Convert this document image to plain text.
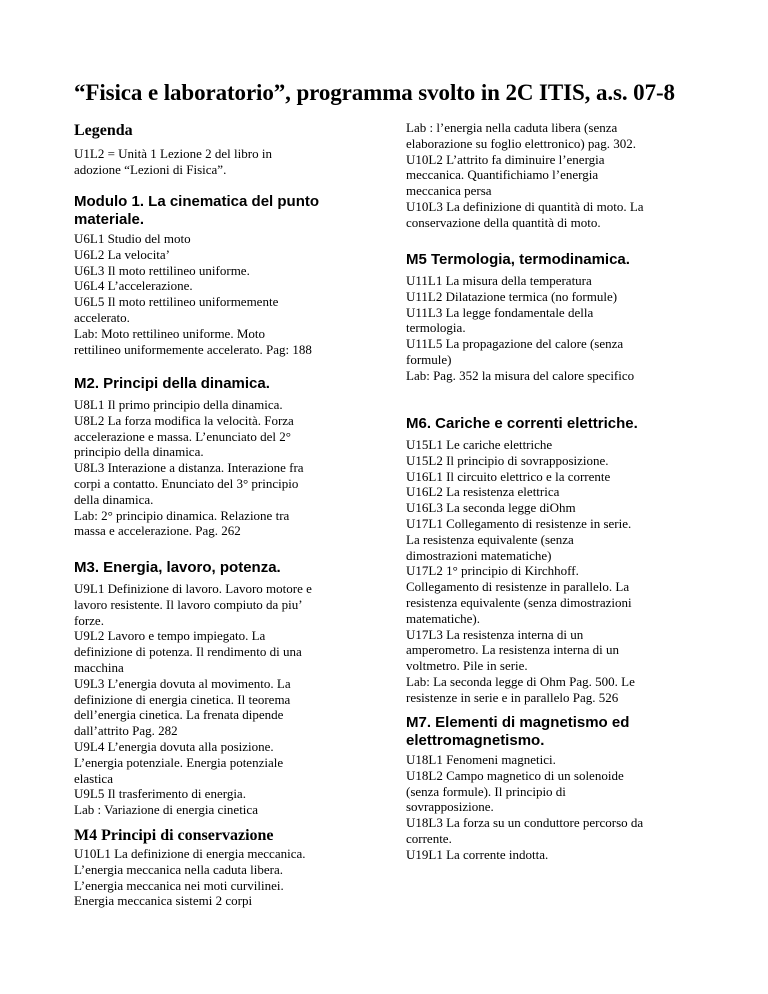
“Fisica e laboratorio”, programma svolto in 2C ITIS, a.s. 07-8
Legenda
U1L2 = Unità 1 Lezione 2 del libro in
adozione “Lezioni di Fisica”.
Modulo 1. La cinematica del punto materiale.
U6L1 Studio del moto
U6L2 La velocita’
U6L3 Il moto rettilineo uniforme.
U6L4 L’accelerazione.
U6L5 Il moto rettilineo uniformemente
accelerato.
Lab: Moto rettilineo uniforme. Moto
rettilineo uniformemente accelerato. Pag: 188
M2. Principi della dinamica.
U8L1 Il primo principio della dinamica.
U8L2 La forza modifica la velocità. Forza
accelerazione e massa. L’enunciato del 2°
principio della dinamica.
U8L3 Interazione a distanza. Interazione fra
corpi a contatto. Enunciato del 3° principio
della dinamica.
Lab: 2° principio dinamica. Relazione tra
massa e accelerazione. Pag. 262
M3. Energia, lavoro, potenza.
U9L1 Definizione di lavoro. Lavoro motore e
lavoro resistente. Il lavoro compiuto da piu’
forze.
U9L2 Lavoro e tempo impiegato. La
definizione di potenza. Il rendimento di una
macchina
U9L3 L’energia dovuta al movimento. La
definizione di energia cinetica. Il teorema
dell’energia cinetica. La frenata dipende
dall’attrito Pag. 282
U9L4 L’energia dovuta alla posizione.
L’energia potenziale. Energia potenziale
elastica
U9L5 Il trasferimento di energia.
Lab : Variazione di energia cinetica
M4 Principi di conservazione
U10L1 La definizione di energia meccanica.
L’energia meccanica nella caduta libera.
L’energia meccanica nei moti curvilinei.
Energia meccanica sistemi 2 corpi
Lab : l’energia nella caduta libera (senza
elaborazione su foglio elettronico) pag. 302.
U10L2 L’attrito fa diminuire l’energia
meccanica. Quantifichiamo l’energia
meccanica persa
U10L3 La definizione di quantità di moto. La
conservazione della quantità di moto.
M5 Termologia, termodinamica.
U11L1 La misura della temperatura
U11L2 Dilatazione termica (no formule)
U11L3 La legge fondamentale della
termologia.
U11L5 La propagazione del calore (senza
formule)
Lab: Pag. 352 la misura del calore specifico
M6. Cariche e correnti elettriche.
U15L1 Le cariche elettriche
U15L2 Il principio di sovrapposizione.
U16L1 Il circuito elettrico e la corrente
U16L2 La resistenza elettrica
U16L3 La seconda legge diOhm
U17L1 Collegamento di resistenze in serie.
La resistenza equivalente (senza
dimostrazioni matematiche)
U17L2 1° principio di Kirchhoff.
Collegamento di resistenze in parallelo. La
resistenza equivalente (senza dimostrazioni
matematiche).
U17L3 La resistenza interna di un
amperometro. La resistenza interna di un
voltmetro. Pile in serie.
Lab: La seconda legge di Ohm Pag. 500. Le
resistenze in serie e in parallelo Pag. 526
M7. Elementi di magnetismo ed elettromagnetismo.
U18L1 Fenomeni magnetici.
U18L2 Campo magnetico di un solenoide
(senza formule). Il principio di
sovrapposizione.
U18L3 La forza su un conduttore percorso da
corrente.
U19L1 La corrente indotta.
